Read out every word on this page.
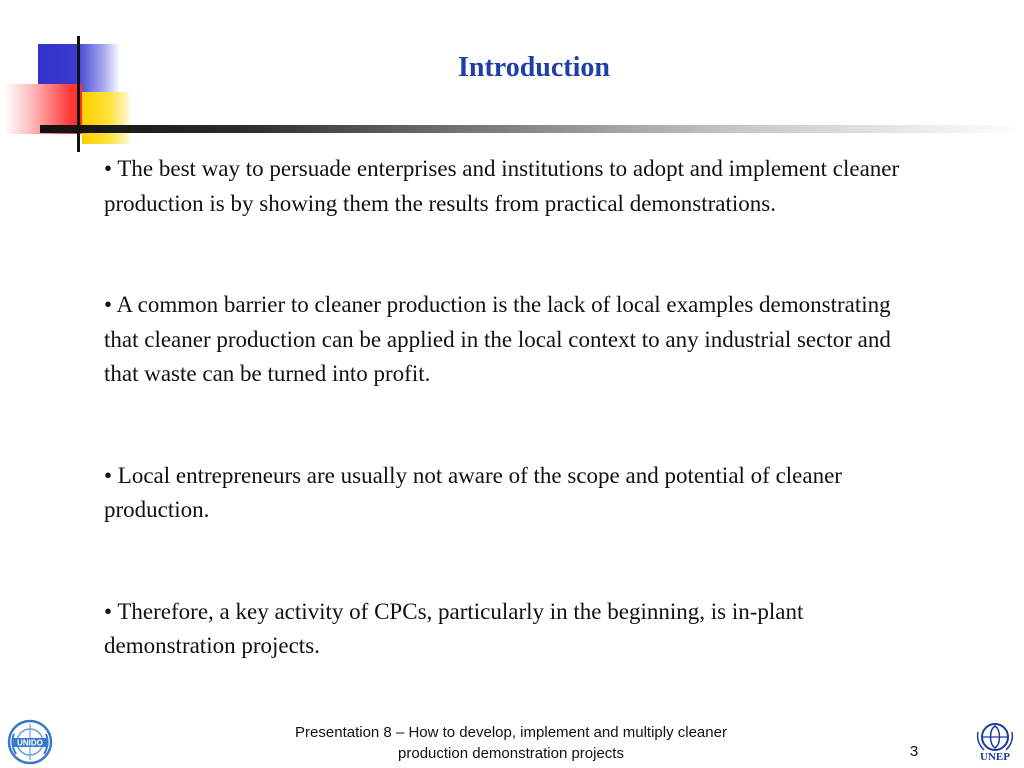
Introduction
• The best way to persuade enterprises and institutions to adopt and implement cleaner production is by showing them the results from practical demonstrations.
• A common barrier to cleaner production is the lack of local examples demonstrating that cleaner production can be applied in the local context to any industrial sector and that waste can be turned into profit.
• Local entrepreneurs are usually not aware of the scope and potential of cleaner production.
• Therefore, a key activity of CPCs, particularly in the beginning, is in-plant demonstration projects.
UNIDO
Presentation 8 – How to develop, implement and multiply cleaner
production demonstration projects	3	UNEP
